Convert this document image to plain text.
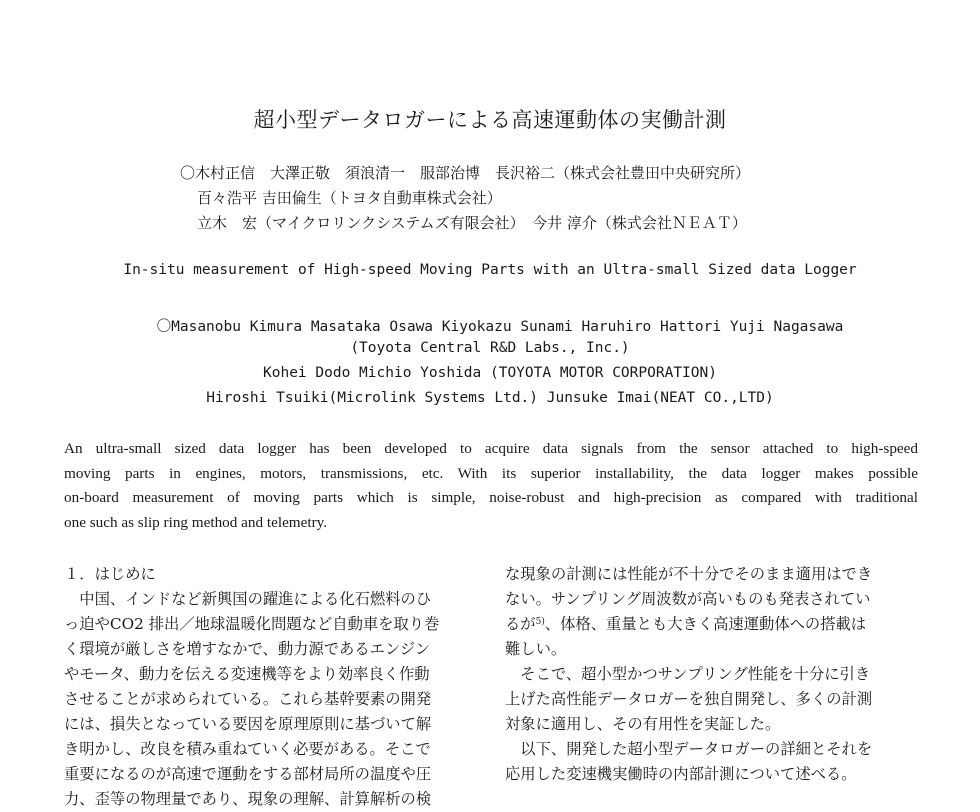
超小型データロガーによる高速運動体の実働計測
〇木村正信　大澤正敬　須浪清一　服部治博　長沢裕二（株式会社豊田中央研究所）
百々浩平 吉田倫生（トヨタ自動車株式会社）
立木　宏（マイクロリンクシステムズ有限会社）　今井 淳介（株式会社ＮＥＡＴ）
In-situ measurement of High-speed Moving Parts with an Ultra-small Sized data Logger
〇Masanobu Kimura Masataka Osawa Kiyokazu Sunami Haruhiro Hattori Yuji Nagasawa
(Toyota Central R&D Labs., Inc.)
Kohei Dodo Michio Yoshida (TOYOTA MOTOR CORPORATION)
Hiroshi Tsuiki(Microlink Systems Ltd.) Junsuke Imai(NEAT CO.,LTD)
An ultra-small sized data logger has been developed to acquire data signals from the sensor attached to high-speed
moving parts in engines, motors, transmissions, etc. With its superior installability, the data logger makes possible
on-board measurement of moving parts which is simple, noise-robust and high-precision as compared with traditional
one such as slip ring method and telemetry.
１．はじめに
　中国、インドなど新興国の躍進による化石燃料のひ
っ迫やCO2 排出／地球温暖化問題など自動車を取り巻
く環境が厳しさを増すなかで、動力源であるエンジン
やモータ、動力を伝える変速機等をより効率良く作動
させることが求められている。これら基幹要素の開発
には、損失となっている要因を原理原則に基づいて解
き明かし、改良を積み重ねていく必要がある。そこで
重要になるのが高速で運動をする部材局所の温度や圧
力、歪等の物理量であり、現象の理解、計算解析の検
な現象の計測には性能が不十分でそのまま適用はでき
ない。サンプリング周波数が高いものも発表されてい
るが$^{5)}$、体格、重量とも大きく高速運動体への搭載は
難しい。
　そこで、超小型かつサンプリング性能を十分に引き
上げた高性能データロガーを独自開発し、多くの計測
対象に適用し、その有用性を実証した。
　以下、開発した超小型データロガーの詳細とそれを
応用した変速機実働時の内部計測について述べる。
